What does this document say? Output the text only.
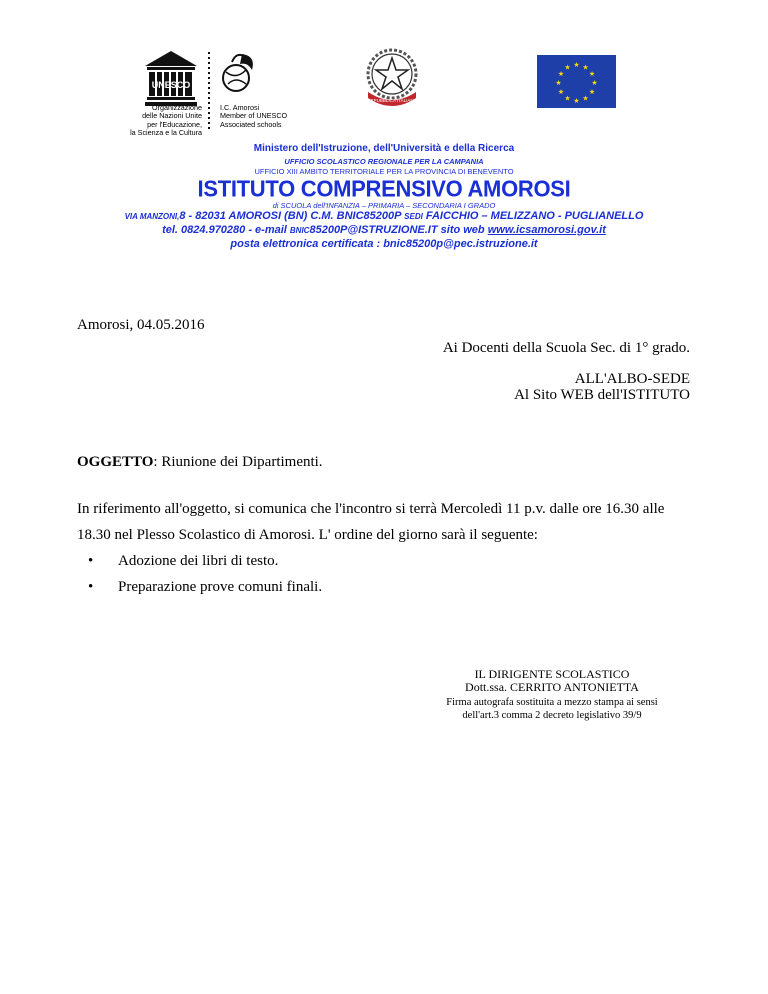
UNESCO
Organizzazione
delle Nazioni Unite
per l'Educazione,
la Scienza e la Cultura
I.C. Amorosi
Member of UNESCO
Associated schools
REPUBBLICA ITALIANA
★ ★
★
★
★
★
★
★
★
★
★
★
Ministero dell'Istruzione, dell'Università e della Ricerca
UFFICIO SCOLASTICO REGIONALE PER LA CAMPANIA
UFFICIO XIII AMBITO TERRITORIALE PER LA PROVINCIA DI BENEVENTO
ISTITUTO COMPRENSIVO AMOROSI
di SCUOLA dell'INFANZIA – PRIMARIA – SECONDARIA I GRADO
VIA MANZONI,8 - 82031 AMOROSI (BN) C.M. BNIC85200P SEDI FAICCHIO – MELIZZANO - PUGLIANELLO
tel. 0824.970280 - e-mail BNIC85200P@ISTRUZIONE.IT sito web www.icsamorosi.gov.it
posta elettronica certificata : bnic85200p@pec.istruzione.it
Amorosi, 04.05.2016
Ai Docenti della Scuola Sec. di 1° grado.
ALL'ALBO-SEDE
Al Sito WEB dell'ISTITUTO
OGGETTO: Riunione dei Dipartimenti.
In riferimento all'oggetto, si comunica che l'incontro si terrà Mercoledì 11 p.v. dalle ore 16.30 alle
18.30 nel Plesso Scolastico di Amorosi. L' ordine del giorno sarà il seguente:
• Adozione dei libri di testo.
• Preparazione prove comuni finali.
IL DIRIGENTE SCOLASTICO
Dott.ssa. CERRITO ANTONIETTA
Firma autografa sostituita a mezzo stampa ai sensi
dell'art.3 comma 2 decreto legislativo 39/9
